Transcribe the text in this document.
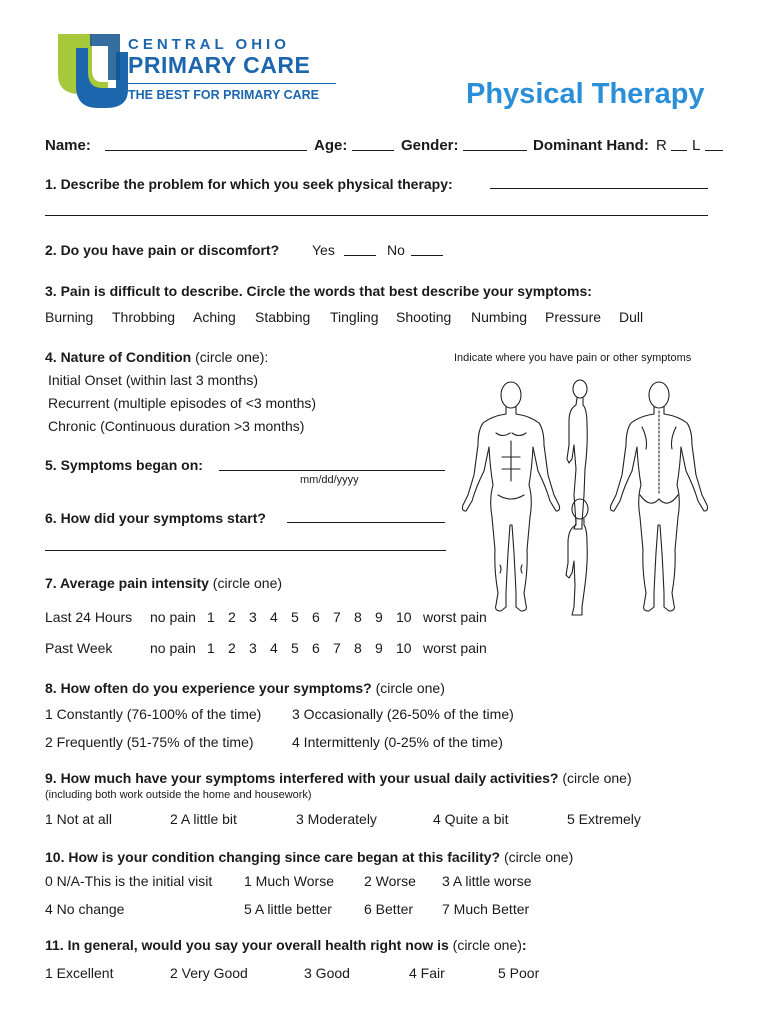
CENTRAL OHIO
PRIMARY CARE
THE BEST FOR PRIMARY CARE	Physical Therapy
Name:	Age:	Gender:	Dominant Hand: R L
1. Describe the problem for which you seek physical therapy:
2. Do you have pain or discomfort? Yes	No
3. Pain is difficult to describe. Circle the words that best describe your symptoms:
Burning Throbbing Aching Stabbing Tingling Shooting Numbing Pressure Dull
4. Nature of Condition (circle one):
Initial Onset (within last 3 months)
Recurrent (multiple episodes of <3 months)
Chronic (Continuous duration >3 months)
Indicate where you have pain or other symptoms
5. Symptoms began on:
mm/dd/yyyy
6. How did your symptoms start?
7. Average pain intensity (circle one)
Last 24 Hours no pain 1 2 3 4 5 6 7 8 9 10 worst pain
Past Week	no pain 1 2 3 4 5 6 7 8 9 10 worst pain
8. How often do you experience your symptoms? (circle one)
1 Constantly (76-100% of the time) 3 Occasionally (26-50% of the time)
2 Frequently (51-75% of the time)	4 Intermittenly (0-25% of the time)
9. How much have your symptoms interfered with your usual daily activities? (circle one)
(including both work outside the home and housework)
1 Not at all	2 A little bit	3 Moderately	4 Quite a bit	5 Extremely
10. How is your condition changing since care began at this facility? (circle one)
0 N/A-This is the initial visit 1 Much Worse 2 Worse 3 A little worse
4 No change	5 A little better 6 Better 7 Much Better
11. In general, would you say your overall health right now is (circle one):
1 Excellent	2 Very Good	3 Good	4 Fair	5 Poor
